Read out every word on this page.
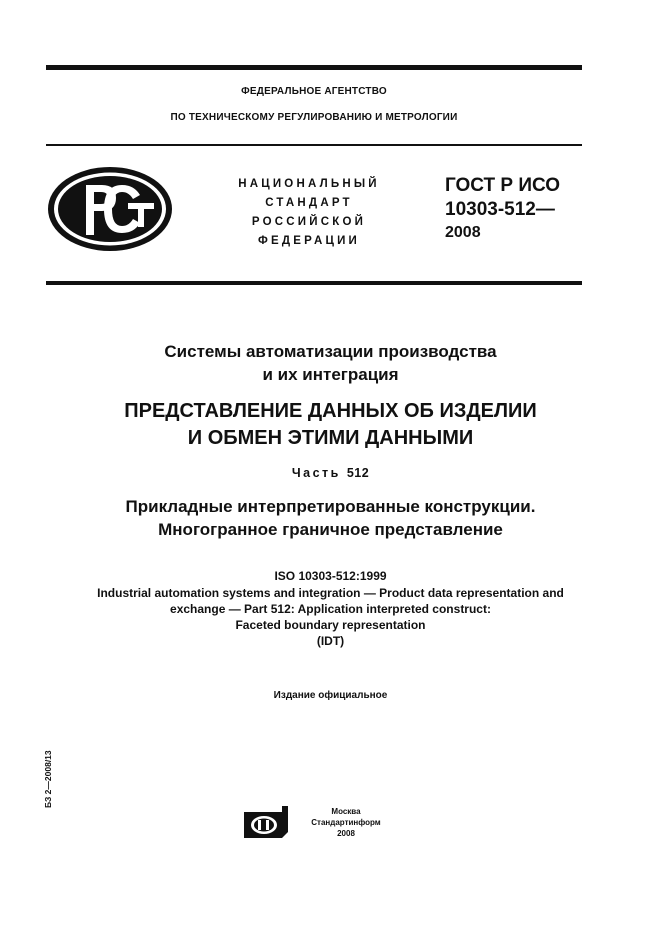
ФЕДЕРАЛЬНОЕ АГЕНТСТВО
ПО ТЕХНИЧЕСКОМУ РЕГУЛИРОВАНИЮ И МЕТРОЛОГИИ
НАЦИОНАЛЬНЫЙ
СТАНДАРТ
РОССИЙСКОЙ
ФЕДЕРАЦИИ
ГОСТ Р ИСО
10303-512—
2008
Системы автоматизации производства
и их интеграция
ПРЕДСТАВЛЕНИЕ ДАННЫХ ОБ ИЗДЕЛИИ
И ОБМЕН ЭТИМИ ДАННЫМИ
Часть 512
Прикладные интерпретированные конструкции.
Многогранное граничное представление
ISO 10303-512:1999
Industrial automation systems and integration — Product data representation and
exchange — Part 512: Application interpreted construct:
Faceted boundary representation
(IDT)
Издание официальное
БЗ 2—2008/13
Москва
Стандартинформ
2008
